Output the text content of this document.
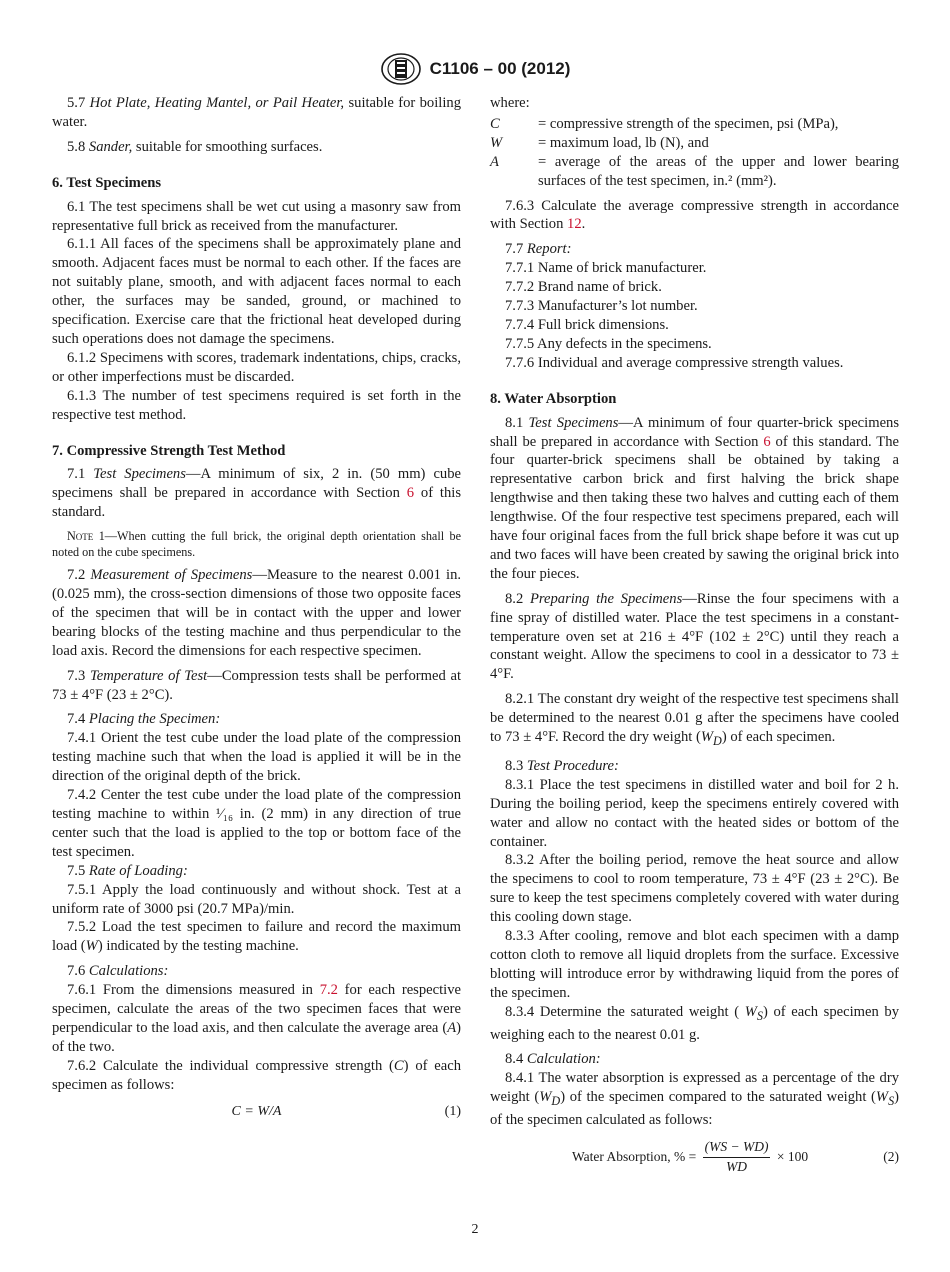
C1106 – 00 (2012)

5.7 Hot Plate, Heating Mantel, or Pail Heater, suitable for boiling water.

5.8 Sander, suitable for smoothing surfaces.

6. Test Specimens

6.1 The test specimens shall be wet cut using a masonry saw from representative full brick as received from the manufacturer.

6.1.1 All faces of the specimens shall be approximately plane and smooth. Adjacent faces must be normal to each other. If the faces are not suitably plane, smooth, and with adjacent faces normal to each other, the surfaces may be sanded, ground, or machined to specification. Exercise care that the frictional heat developed during such operations does not damage the specimens.

6.1.2 Specimens with scores, trademark indentations, chips, cracks, or other imperfections must be discarded.

6.1.3 The number of test specimens required is set forth in the respective test method.

7. Compressive Strength Test Method

7.1 Test Specimens—A minimum of six, 2 in. (50 mm) cube specimens shall be prepared in accordance with Section 6 of this standard.

Note 1—When cutting the full brick, the original depth orientation shall be noted on the cube specimens.

7.2 Measurement of Specimens—Measure to the nearest 0.001 in. (0.025 mm), the cross-section dimensions of those two opposite faces of the specimen that will be in contact with the upper and lower bearing blocks of the testing machine and thus perpendicular to the load axis. Record the dimensions for each respective specimen.

7.3 Temperature of Test—Compression tests shall be performed at 73 ± 4°F (23 ± 2°C).

7.4 Placing the Specimen:

7.4.1 Orient the test cube under the load plate of the compression testing machine such that when the load is applied it will be in the direction of the original depth of the brick.

7.4.2 Center the test cube under the load plate of the compression testing machine to within ¹⁄₁₆ in. (2 mm) in any direction of true center such that the load is applied to the top or bottom face of the test specimen.

7.5 Rate of Loading:

7.5.1 Apply the load continuously and without shock. Test at a uniform rate of 3000 psi (20.7 MPa)/min.

7.5.2 Load the test specimen to failure and record the maximum load (W) indicated by the testing machine.

7.6 Calculations:

7.6.1 From the dimensions measured in 7.2 for each respective specimen, calculate the areas of the two specimen faces that were perpendicular to the load axis, and then calculate the average area (A) of the two.

7.6.2 Calculate the individual compressive strength (C) of each specimen as follows:

C = W/A	(1)

where:

C	= compressive strength of the specimen, psi (MPa),
W	= maximum load, lb (N), and
A	= average of the areas of the upper and lower bearing surfaces of the test specimen, in.² (mm²).

7.6.3 Calculate the average compressive strength in accordance with Section 12.

7.7 Report:

7.7.1 Name of brick manufacturer.

7.7.2 Brand name of brick.

7.7.3 Manufacturer’s lot number.

7.7.4 Full brick dimensions.

7.7.5 Any defects in the specimens.

7.7.6 Individual and average compressive strength values.

8. Water Absorption

8.1 Test Specimens—A minimum of four quarter-brick specimens shall be prepared in accordance with Section 6 of this standard. The four quarter-brick specimens shall be obtained by taking a representative carbon brick and first halving the brick shape lengthwise and then taking these two halves and cutting each of them lengthwise. Of the four respective test specimens prepared, each will have four original faces from the full brick shape before it was cut up and two faces will have been created by sawing the original brick into the four pieces.

8.2 Preparing the Specimens—Rinse the four specimens with a fine spray of distilled water. Place the test specimens in a constant-temperature oven set at 216 ± 4°F (102 ± 2°C) until they reach a constant weight. Allow the specimens to cool in a dessicator to 73 ± 4°F.

8.2.1 The constant dry weight of the respective test specimens shall be determined to the nearest 0.01 g after the specimens have cooled to 73 ± 4°F. Record the dry weight $(W_D)$ of each specimen.

8.3 Test Procedure:

8.3.1 Place the test specimens in distilled water and boil for 2 h. During the boiling period, keep the specimens entirely covered with water and allow no contact with the heated sides or bottom of the container.

8.3.2 After the boiling period, remove the heat source and allow the specimens to cool to room temperature, 73 ± 4°F (23 ± 2°C). Be sure to keep the test specimens completely covered with water during this cooling down stage.

8.3.3 After cooling, remove and blot each specimen with a damp cotton cloth to remove all liquid droplets from the surface. Excessive blotting will introduce error by withdrawing liquid from the pores of the specimen.

8.3.4 Determine the saturated weight ( $W_S$) of each specimen by weighing each to the nearest 0.01 g.

8.4 Calculation:

8.4.1 The water absorption is expressed as a percentage of the dry weight $(W_D)$ of the specimen compared to the saturated weight $(W_S)$ of the specimen calculated as follows:

Water Absorption, % = $\frac{(WS - WD)}{WD} \times 100$	(2)
2
